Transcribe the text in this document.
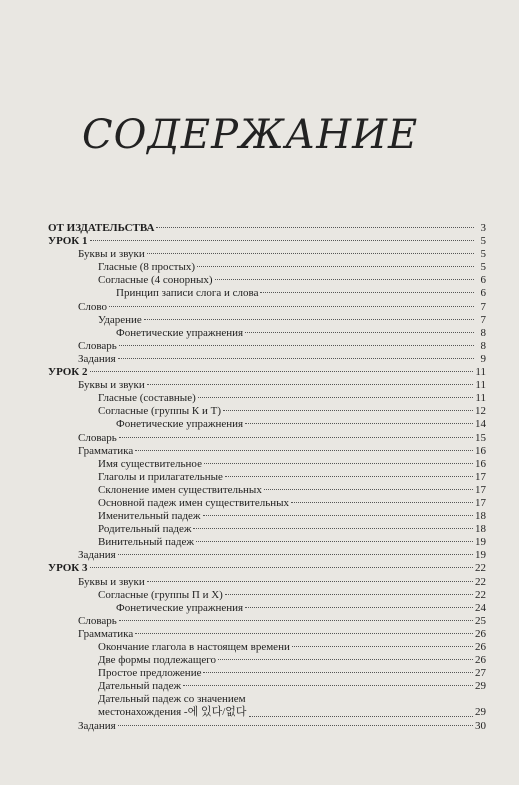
СОДЕРЖАНИЕ
ОТ ИЗДАТЕЛЬСТВА	3
УРОК 1	5
Буквы и звуки	5
Гласные (8 простых)	5
Согласные (4 сонорных)	6
Принцип записи слога и слова	6
Слово	7
Ударение	7
Фонетические упражнения	8
Словарь	8
Задания	9
УРОК 2	11
Буквы и звуки	11
Гласные (составные)	11
Согласные (группы К и Т)	12
Фонетические упражнения	14
Словарь	15
Грамматика	16
Имя существительное	16
Глаголы и прилагательные	17
Склонение имен существительных	17
Основной падеж имен существительных	17
Именительный падеж	18
Родительный падеж	18
Винительный падеж	19
Задания	19
УРОК 3	22
Буквы и звуки	22
Согласные (группы П и Х)	22
Фонетические упражнения	24
Словарь	25
Грамматика	26
Окончание глагола в настоящем времени	26
Две формы подлежащего	26
Простое предложение	27
Дательный падеж	29
Дательный падеж со значением
местонахождения -에 있다/없다	29
Задания	30
